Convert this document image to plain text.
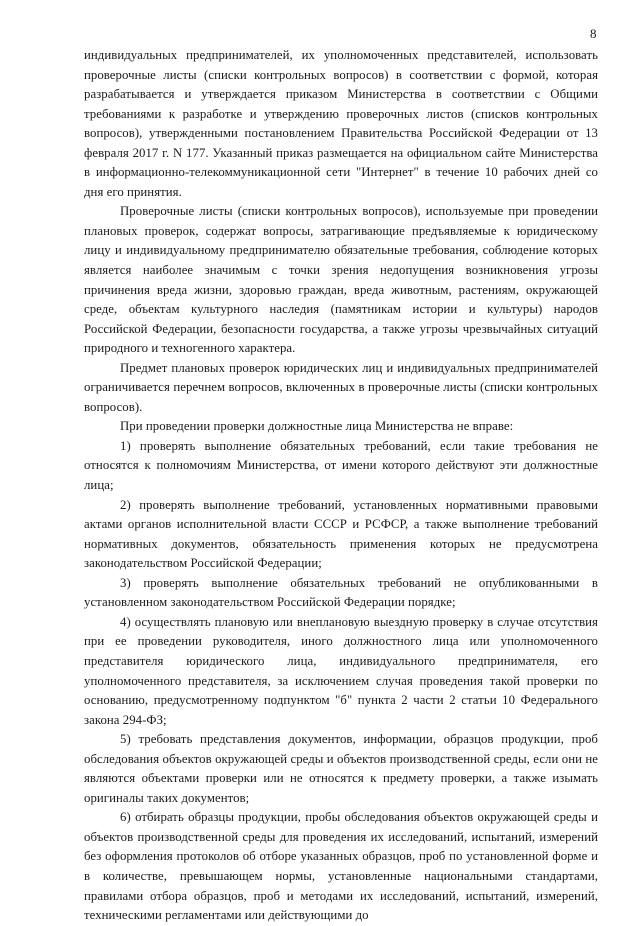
8

индивидуальных предпринимателей, их уполномоченных представителей, использовать проверочные листы (списки контрольных вопросов) в соответствии с формой, которая разрабатывается и утверждается приказом Министерства в соответствии с Общими требованиями к разработке и утверждению проверочных листов (списков контрольных вопросов), утвержденными постановлением Правительства Российской Федерации от 13 февраля 2017 г. N 177. Указанный приказ размещается на официальном сайте Министерства в информационно-телекоммуникационной сети "Интернет" в течение 10 рабочих дней со дня его принятия.

Проверочные листы (списки контрольных вопросов), используемые при проведении плановых проверок, содержат вопросы, затрагивающие предъявляемые к юридическому лицу и индивидуальному предпринимателю обязательные требования, соблюдение которых является наиболее значимым с точки зрения недопущения возникновения угрозы причинения вреда жизни, здоровью граждан, вреда животным, растениям, окружающей среде, объектам культурного наследия (памятникам истории и культуры) народов Российской Федерации, безопасности государства, а также угрозы чрезвычайных ситуаций природного и техногенного характера.

Предмет плановых проверок юридических лиц и индивидуальных предпринимателей ограничивается перечнем вопросов, включенных в проверочные листы (списки контрольных вопросов).

При проведении проверки должностные лица Министерства не вправе:

1) проверять выполнение обязательных требований, если такие требования не относятся к полномочиям Министерства, от имени которого действуют эти должностные лица;

2) проверять выполнение требований, установленных нормативными правовыми актами органов исполнительной власти СССР и РСФСР, а также выполнение требований нормативных документов, обязательность применения которых не предусмотрена законодательством Российской Федерации;

3) проверять выполнение обязательных требований не опубликованными в установленном законодательством Российской Федерации порядке;

4) осуществлять плановую или внеплановую выездную проверку в случае отсутствия при ее проведении руководителя, иного должностного лица или уполномоченного представителя юридического лица, индивидуального предпринимателя, его уполномоченного представителя, за исключением случая проведения такой проверки по основанию, предусмотренному подпунктом "б" пункта 2 части 2 статьи 10 Федерального закона 294-ФЗ;

5) требовать представления документов, информации, образцов продукции, проб обследования объектов окружающей среды и объектов производственной среды, если они не являются объектами проверки или не относятся к предмету проверки, а также изымать оригиналы таких документов;

6) отбирать образцы продукции, пробы обследования объектов окружающей среды и объектов производственной среды для проведения их исследований, испытаний, измерений без оформления протоколов об отборе указанных образцов, проб по установленной форме и в количестве, превышающем нормы, установленные национальными стандартами, правилами отбора образцов, проб и методами их исследований, испытаний, измерений, техническими регламентами или действующими до
